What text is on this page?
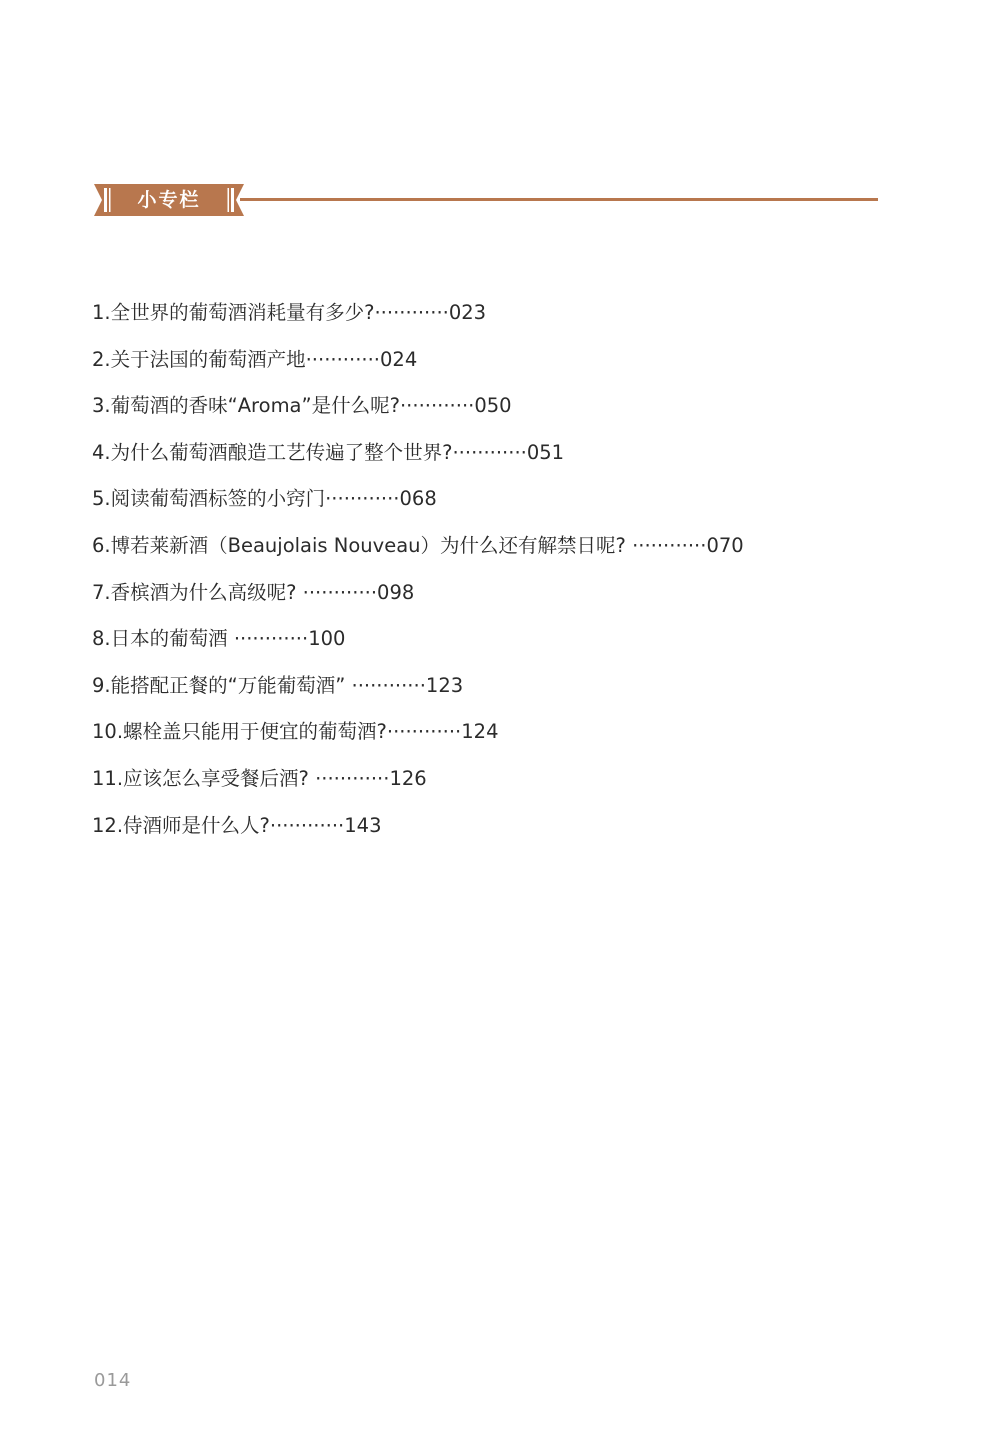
小专栏
1.全世界的葡萄酒消耗量有多少?············023
2.关于法国的葡萄酒产地············024
3.葡萄酒的香味“Aroma”是什么呢?············050
4.为什么葡萄酒酿造工艺传遍了整个世界?············051
5.阅读葡萄酒标签的小窍门············068
6.博若莱新酒（Beaujolais Nouveau）为什么还有解禁日呢? ············070
7.香槟酒为什么高级呢? ············098
8.日本的葡萄酒 ············100
9.能搭配正餐的“万能葡萄酒” ············123
10.螺栓盖只能用于便宜的葡萄酒?············124
11.应该怎么享受餐后酒? ············126
12.侍酒师是什么人?············143
014
